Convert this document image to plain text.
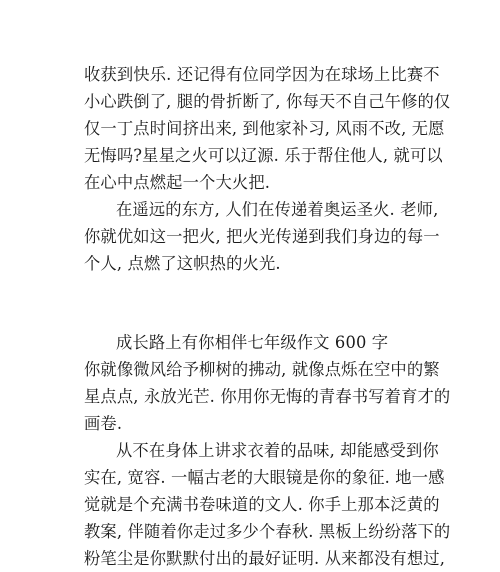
收获到快乐. 还记得有位同学因为在球场上比赛不
小心跌倒了, 腿的骨折断了, 你每天不自己午修的仅
仅一丁点时间挤出来, 到他家补习, 风雨不改, 无愿
无悔吗?星星之火可以辽源. 乐于帮住他人, 就可以
在心中点燃起一个大火把.
在遥远的东方, 人们在传递着奥运圣火. 老师,
你就优如这一把火, 把火光传递到我们身边的每一
个人, 点燃了这帜热的火光.
成长路上有你相伴七年级作文 600 字
你就像微风给予柳树的拂动, 就像点烁在空中的繁
星点点, 永放光芒. 你用你无悔的青春书写着育才的
画卷.
从不在身体上讲求衣着的品味, 却能感受到你
实在, 宽容. 一幅古老的大眼镜是你的象征. 地一感
觉就是个充满书卷味道的文人. 你手上那本泛黄的
教案, 伴随着你走过多少个春秋. 黑板上纷纷落下的
粉笔尘是你默默付出的最好证明. 从来都没有想过,
